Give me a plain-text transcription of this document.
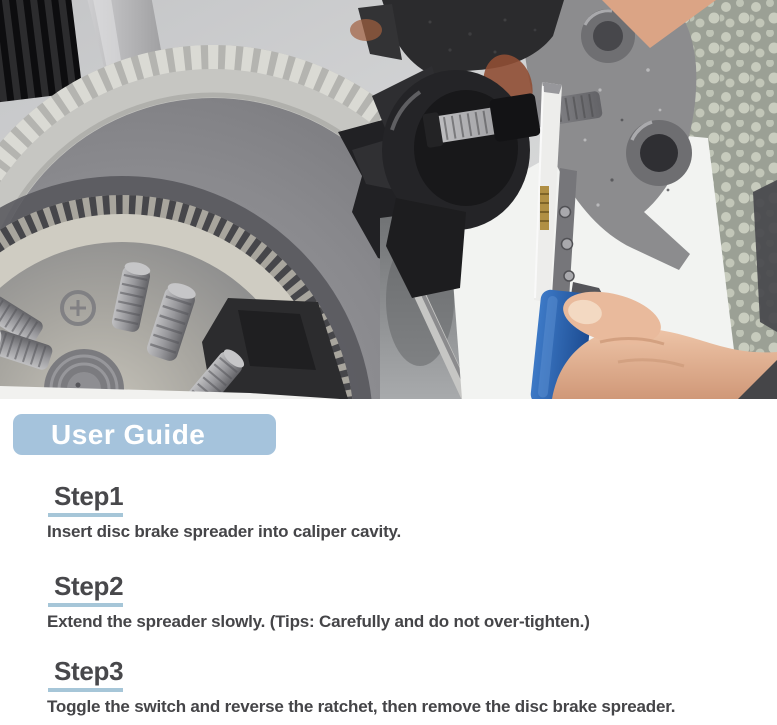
User Guide
Step1

Insert disc brake spreader into caliper cavity.

Step2

Extend the spreader slowly. (Tips: Carefully and do not over-tighten.)

Step3

Toggle the switch and reverse the ratchet, then remove the disc brake spreader.
